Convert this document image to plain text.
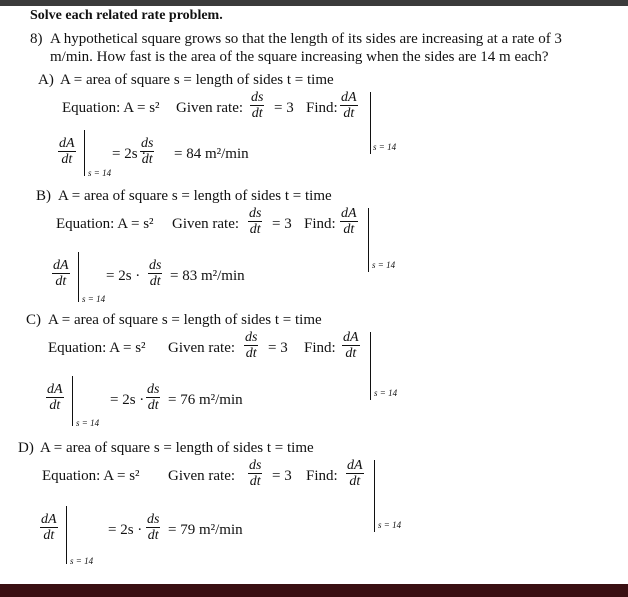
Solve each related rate problem.
8) A hypothetical square grows so that the length of its sides are increasing at a rate of 3
m/min. How fast is the area of the square increasing when the sides are 14 m each?
A) A = area of square s = length of sides t = time
Equation: A = s² Given rate: $\frac{ds}{dt} = 3$ Find: $\frac{dA}{dt}$
s = 14
$\frac{dA}{dt}$
s = 14
= 2s ·
$\frac{ds}{dt} = 84$ m²/min
B) A = area of square s = length of sides t = time
Equation: A = s² Given rate: $\frac{ds}{dt} = 3$ Find: $\frac{dA}{dt}$
s = 14
$\frac{dA}{dt}$
s = 14
= $2s \cdot \frac{ds}{dt} = 83$ m²/min
C) A = area of square s = length of sides t = time
Equation: A = s² Given rate: $\frac{ds}{dt} = 3$ Find: $\frac{dA}{dt}$
s = 14
$\frac{dA}{dt}$
s = 14
= $2s \cdot \frac{ds}{dt} = 76$ m²/min
D) A = area of square s = length of sides t = time
Equation: A = s² Given rate: $\frac{ds}{dt} = 3$ Find: $\frac{dA}{dt}$
s = 14
$\frac{dA}{dt}$
s = 14
= $2s \cdot \frac{ds}{dt} = 79$ m²/min
